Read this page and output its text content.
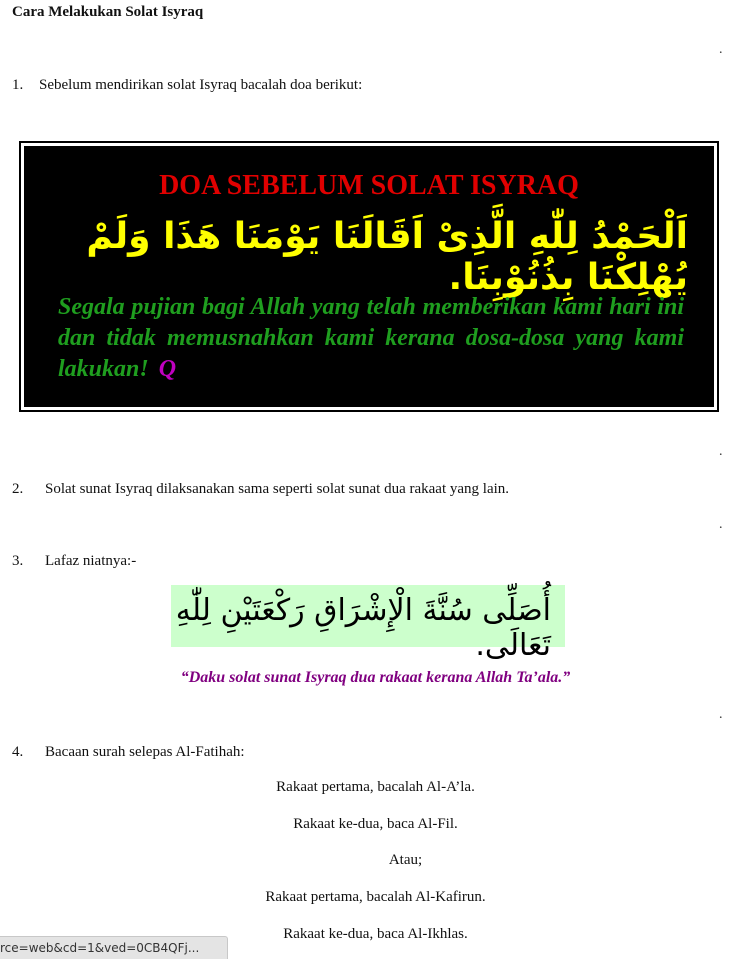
Cara Melakukan Solat Isyraq
.
1. Sebelum mendirikan solat Isyraq bacalah doa berikut:
DOA SEBELUM SOLAT ISYRAQ
اَلْحَمْدُ لِلّٰهِ الَّذِىْ اَقَالَنَا يَوْمَنَا هَذَا وَلَمْ يُهْلِكْنَا بِذُنُوْبِنَا.
Segala pujian bagi Allah yang telah memberikan kami hari ini dan tidak memusnahkan kami kerana dosa-dosa yang kami lakukan! Q
.
2. Solat sunat Isyraq dilaksanakan sama seperti solat sunat dua rakaat yang lain.
.
3. Lafaz niatnya:-
أُصَلِّى سُنَّةَ الْإِشْرَاقِ رَكْعَتَيْنِ لِلّٰهِ تَعَالَى.
“Daku solat sunat Isyraq dua rakaat kerana Allah Ta’ala.”
.
4. Bacaan surah selepas Al-Fatihah:
Rakaat pertama, bacalah Al-A’la.
Rakaat ke-dua, baca Al-Fil.
Atau;
Rakaat pertama, bacalah Al-Kafirun.
Rakaat ke-dua, baca Al-Ikhlas.
rce=web&cd=1&ved=0CB4QFj...
